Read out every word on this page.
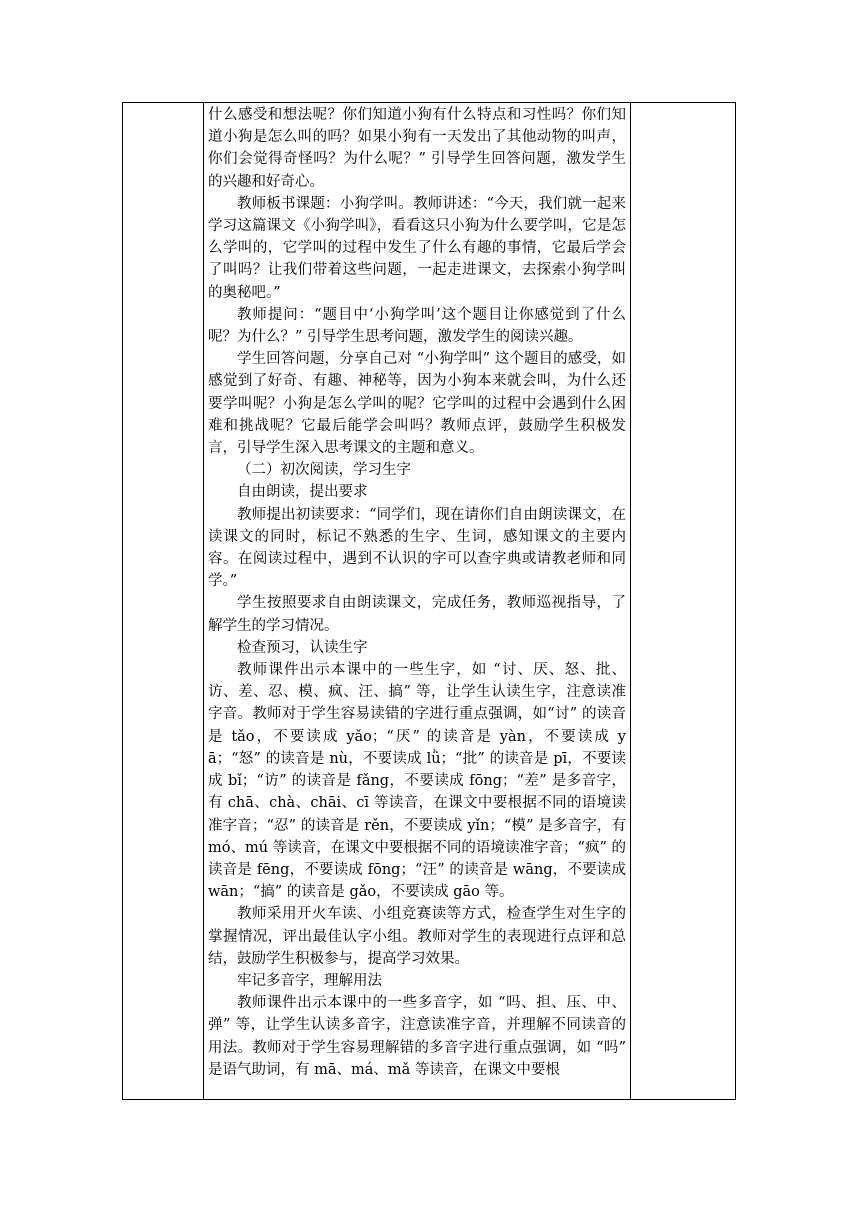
什么感受和想法呢？你们知道小狗有什么特点和习性吗？你们知道小狗是怎么叫的吗？如果小狗有一天发出了其他动物的叫声，你们会觉得奇怪吗？为什么呢？” 引导学生回答问题，激发学生的兴趣和好奇心。

教师板书课题：小狗学叫。教师讲述：“今天，我们就一起来学习这篇课文《小狗学叫》，看看这只小狗为什么要学叫，它是怎么学叫的，它学叫的过程中发生了什么有趣的事情，它最后学会了叫吗？让我们带着这些问题，一起走进课文，去探索小狗学叫的奥秘吧。”

教师提问：“题目中‘小狗学叫’这个题目让你感觉到了什么呢？为什么？” 引导学生思考问题，激发学生的阅读兴趣。

学生回答问题，分享自己对 “小狗学叫” 这个题目的感受，如感觉到了好奇、有趣、神秘等，因为小狗本来就会叫，为什么还要学叫呢？小狗是怎么学叫的呢？它学叫的过程中会遇到什么困难和挑战呢？它最后能学会叫吗？教师点评，鼓励学生积极发言，引导学生深入思考课文的主题和意义。

（二）初次阅读，学习生字

自由朗读，提出要求

教师提出初读要求：“同学们，现在请你们自由朗读课文，在读课文的同时，标记不熟悉的生字、生词，感知课文的主要内容。在阅读过程中，遇到不认识的字可以查字典或请教老师和同学。”

学生按照要求自由朗读课文，完成任务，教师巡视指导，了解学生的学习情况。

检查预习，认读生字

教师课件出示本课中的一些生字，如 “讨、厌、怒、批、访、差、忍、模、疯、汪、搞” 等，让学生认读生字，注意读准字音。教师对于学生容易读错的字进行重点强调，如“讨” 的读音是 tǎo，不要读成 yǎo；“厌” 的读音是 yàn，不要读成 yā；“怒” 的读音是 nù，不要读成 lǜ；“批” 的读音是 pī，不要读成 bǐ；“访” 的读音是 fǎng，不要读成 fōng；“差” 是多音字，有 chā、chà、chāi、cī 等读音，在课文中要根据不同的语境读准字音；“忍” 的读音是 rěn，不要读成 yǐn；“模” 是多音字，有 mó、mú 等读音，在课文中要根据不同的语境读准字音；“疯” 的读音是 fēng，不要读成 fōng；“汪” 的读音是 wāng，不要读成 wān；“搞” 的读音是 gǎo，不要读成 gāo 等。

教师采用开火车读、小组竞赛读等方式，检查学生对生字的掌握情况，评出最佳认字小组。教师对学生的表现进行点评和总结，鼓励学生积极参与，提高学习效果。

牢记多音字，理解用法

教师课件出示本课中的一些多音字，如 “吗、担、压、中、弹” 等，让学生认读多音字，注意读准字音，并理解不同读音的用法。教师对于学生容易理解错的多音字进行重点强调，如 “吗” 是语气助词，有 mā、má、mǎ 等读音，在课文中要根
